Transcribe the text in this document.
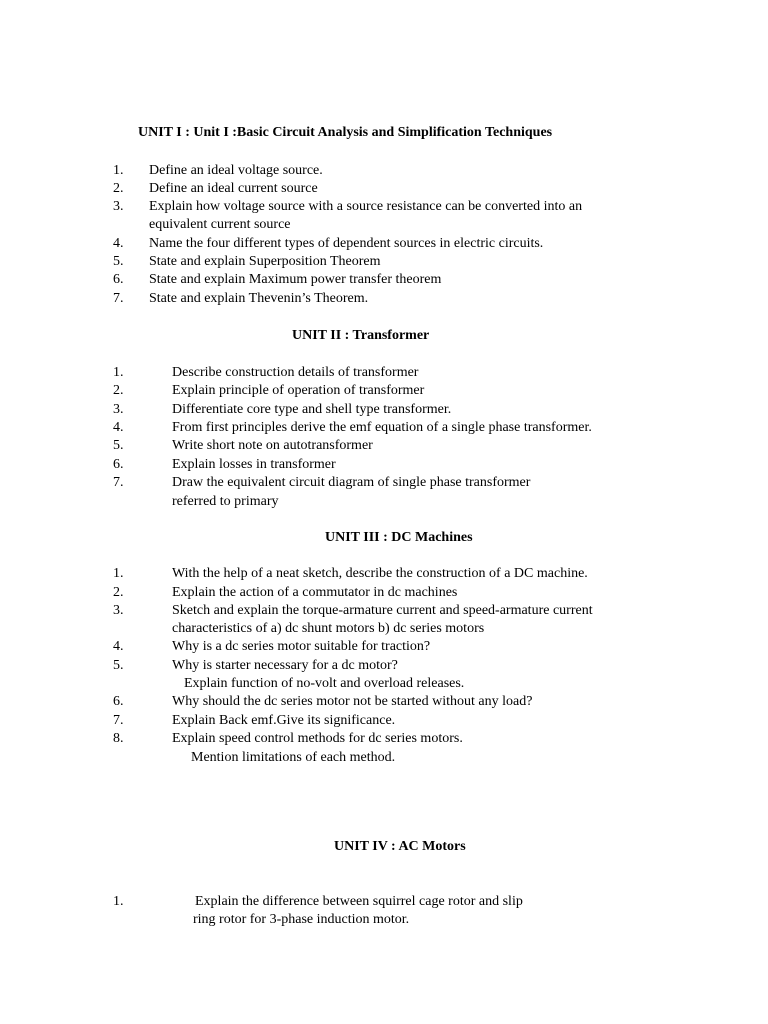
UNIT I : Unit I :Basic Circuit Analysis and Simplification Techniques
1. Define an ideal voltage source.
2. Define an ideal current source
3. Explain how voltage source with a source resistance can be converted into an
equivalent current source
4. Name the four different types of dependent sources in electric circuits.
5. State and explain Superposition Theorem
6. State and explain Maximum power transfer theorem
7. State and explain Thevenin’s Theorem.
UNIT II : Transformer
1.	Describe construction details of transformer
2.	Explain principle of operation of transformer
3.	Differentiate core type and shell type transformer.
4.	From first principles derive the emf equation of a single phase transformer.
5.	Write short note on autotransformer
6.	Explain losses in transformer
7.	Draw the equivalent circuit diagram of single phase transformer
referred to primary
UNIT III : DC Machines
1.	With the help of a neat sketch, describe the construction of a DC machine.
2.	Explain the action of a commutator in dc machines
3.	Sketch and explain the torque-armature current and speed-armature current
characteristics of a) dc shunt motors b) dc series motors
4.	Why is a dc series motor suitable for traction?
5.	Why is starter necessary for a dc motor?
Explain function of no-volt and overload releases.
6.	Why should the dc series motor not be started without any load?
7.	Explain Back emf.Give its significance.
8.	Explain speed control methods for dc series motors.
Mention limitations of each method.
UNIT IV : AC Motors
1.	Explain the difference between squirrel cage rotor and slip
ring rotor for 3-phase induction motor.
